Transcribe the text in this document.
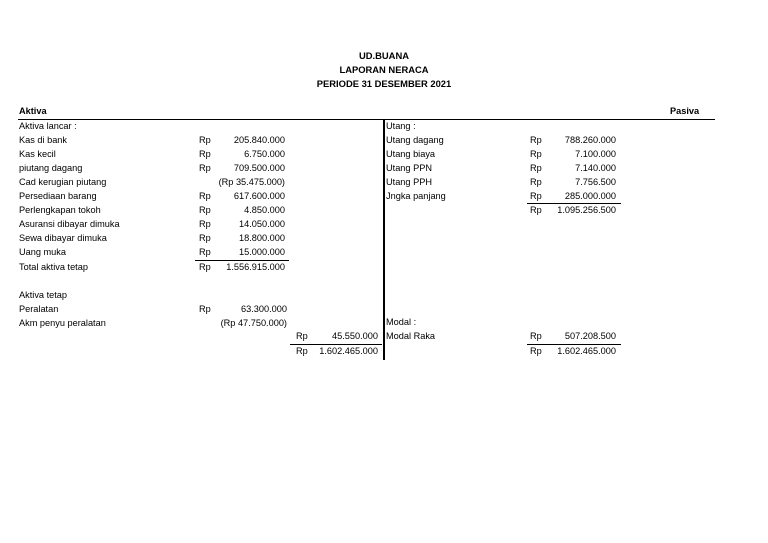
UD.BUANA
LAPORAN NERACA
PERIODE 31 DESEMBER 2021
Aktiva	Pasiva
Aktiva lancar :
Kas di bank	Rp	205.840.000
Kas kecil	Rp	6.750.000
piutang dagang	Rp	709.500.000
Cad kerugian piutang	(Rp 35.475.000)
Persediaan barang	Rp	617.600.000
Perlengkapan tokoh	Rp	4.850.000
Asuransi dibayar dimuka	Rp	14.050.000
Sewa dibayar dimuka	Rp	18.800.000
Uang muka	Rp	15.000.000
Total aktiva tetap	Rp	1.556.915.000
Aktiva tetap
Peralatan	Rp	63.300.000
Akm penyu peralatan	(Rp 47.750.000)
Rp	45.550.000
Rp	1.602.465.000
Utang :
Utang dagang	Rp	788.260.000
Utang biaya	Rp	7.100.000
Utang PPN	Rp	7.140.000
Utang PPH	Rp	7.756.500
Jngka panjang	Rp	285.000.000
Rp	1.095.256.500
Modal :
Modal Raka	Rp	507.208.500
Rp	1.602.465.000
